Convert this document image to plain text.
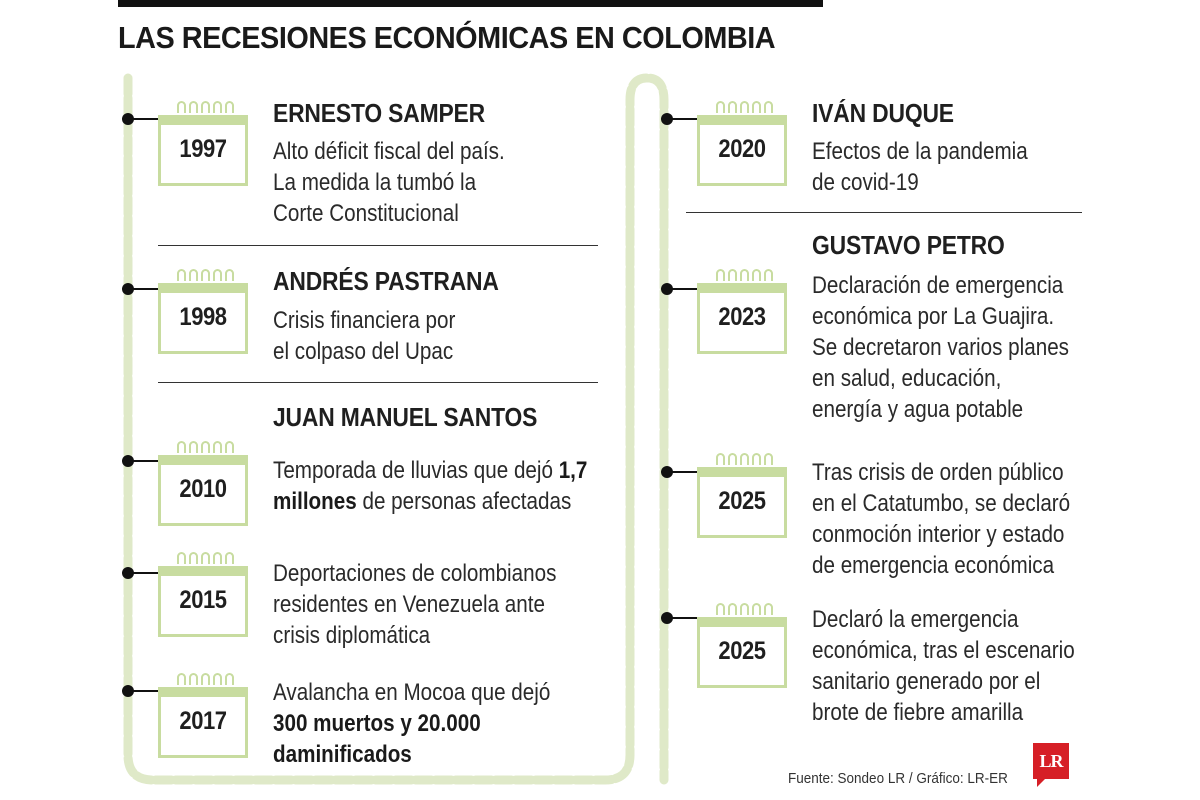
LAS RECESIONES ECONÓMICAS EN COLOMBIA
1997
ERNESTO SAMPER
Alto déficit fiscal del país.
La medida la tumbó la
Corte Constitucional
1998
ANDRÉS PASTRANA
Crisis financiera por
el colpaso del Upac
JUAN MANUEL SANTOS
2010
Temporada de lluvias que dejó 1,7
millones de personas afectadas
2015
Deportaciones de colombianos
residentes en Venezuela ante
crisis diplomática
2017
Avalancha en Mocoa que dejó
300 muertos y 20.000
daminificados
2020
IVÁN DUQUE
Efectos de la pandemia
de covid-19
GUSTAVO PETRO
2023
Declaración de emergencia
económica por La Guajira.
Se decretaron varios planes
en salud, educación,
energía y agua potable
2025
Tras crisis de orden público
en el Catatumbo, se declaró
conmoción interior y estado
de emergencia económica
2025
Declaró la emergencia
económica, tras el escenario
sanitario generado por el
brote de fiebre amarilla
Fuente: Sondeo LR / Gráfico: LR-ER
LR
